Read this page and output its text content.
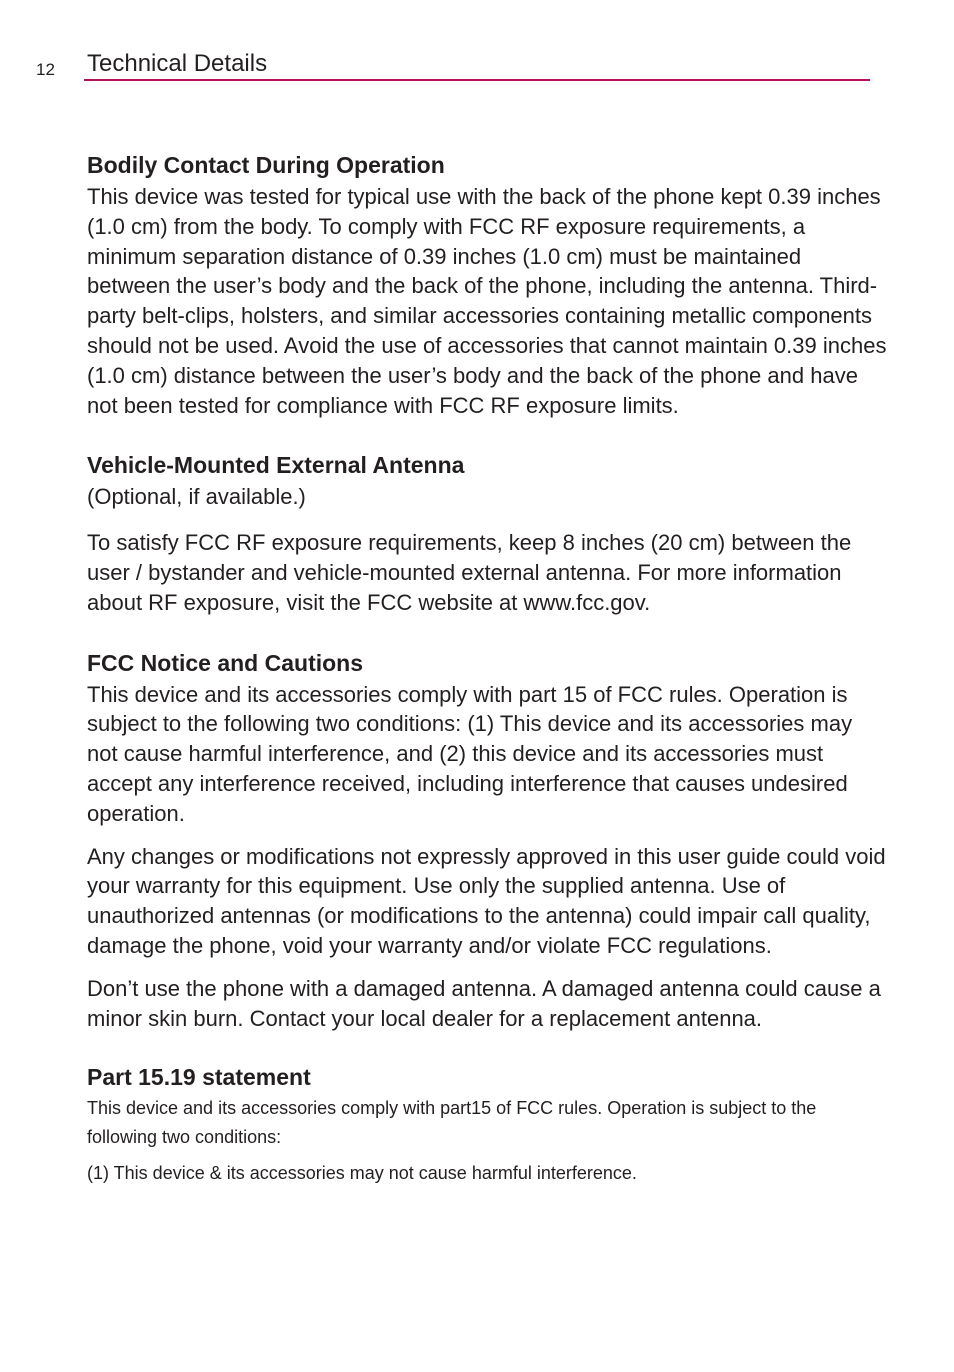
12 Technical Details
Bodily Contact During Operation

This device was tested for typical use with the back of the phone kept 0.39 inches (1.0 cm) from the body. To comply with FCC RF exposure requirements, a minimum separation distance of 0.39 inches (1.0 cm) must be maintained between the user’s body and the back of the phone, including the antenna. Third-party belt-clips, holsters, and similar accessories containing metallic components should not be used. Avoid the use of accessories that cannot maintain 0.39 inches (1.0 cm) distance between the user’s body and the back of the phone and have not been tested for compliance with FCC RF exposure limits.

Vehicle-Mounted External Antenna

(Optional, if available.)

To satisfy FCC RF exposure requirements, keep 8 inches (20 cm) between the user / bystander and vehicle-mounted external antenna. For more information about RF exposure, visit the FCC website at www.fcc.gov.

FCC Notice and Cautions

This device and its accessories comply with part 15 of FCC rules. Operation is subject to the following two conditions: (1) This device and its accessories may not cause harmful interference, and (2) this device and its accessories must accept any interference received, including interference that causes undesired operation.

Any changes or modifications not expressly approved in this user guide could void your warranty for this equipment. Use only the supplied antenna. Use of unauthorized antennas (or modifications to the antenna) could impair call quality, damage the phone, void your warranty and/or violate FCC regulations.

Don’t use the phone with a damaged antenna. A damaged antenna could cause a minor skin burn. Contact your local dealer for a replacement antenna.

Part 15.19 statement

This device and its accessories comply with part15 of FCC rules. Operation is subject to the following two conditions:

(1) This device & its accessories may not cause harmful interference.
